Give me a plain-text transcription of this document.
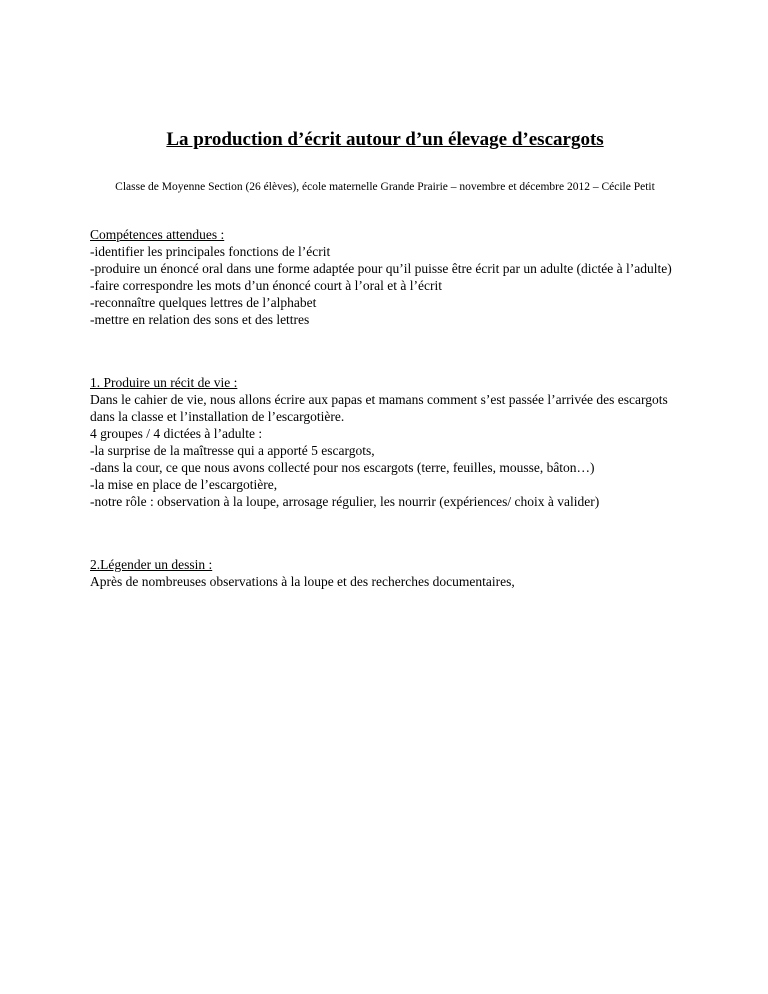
La production d’écrit autour d’un élevage d’escargots

Classe de Moyenne Section (26 élèves), école maternelle Grande Prairie – novembre et décembre 2012 – Cécile Petit

Compétences attendues :

-identifier les principales fonctions de l’écrit

-produire un énoncé oral dans une forme adaptée pour qu’il puisse être écrit par un adulte (dictée à l’adulte)

-faire correspondre les mots d’un énoncé court à l’oral et à l’écrit

-reconnaître quelques lettres de l’alphabet

-mettre en relation des sons et des lettres

1. Produire un récit de vie :

Dans le cahier de vie, nous allons écrire aux papas et mamans comment s’est passée l’arrivée des escargots dans la classe et l’installation de l’escargotière.

4 groupes / 4 dictées à l’adulte :

-la surprise de la maîtresse qui a apporté 5 escargots,

-dans la cour, ce que nous avons collecté pour nos escargots (terre, feuilles, mousse, bâton…)

-la mise en place de l’escargotière,

-notre rôle : observation à la loupe, arrosage régulier, les nourrir (expériences/ choix à valider)

2.Légender un dessin :

Après de nombreuses observations à la loupe et des recherches documentaires,
